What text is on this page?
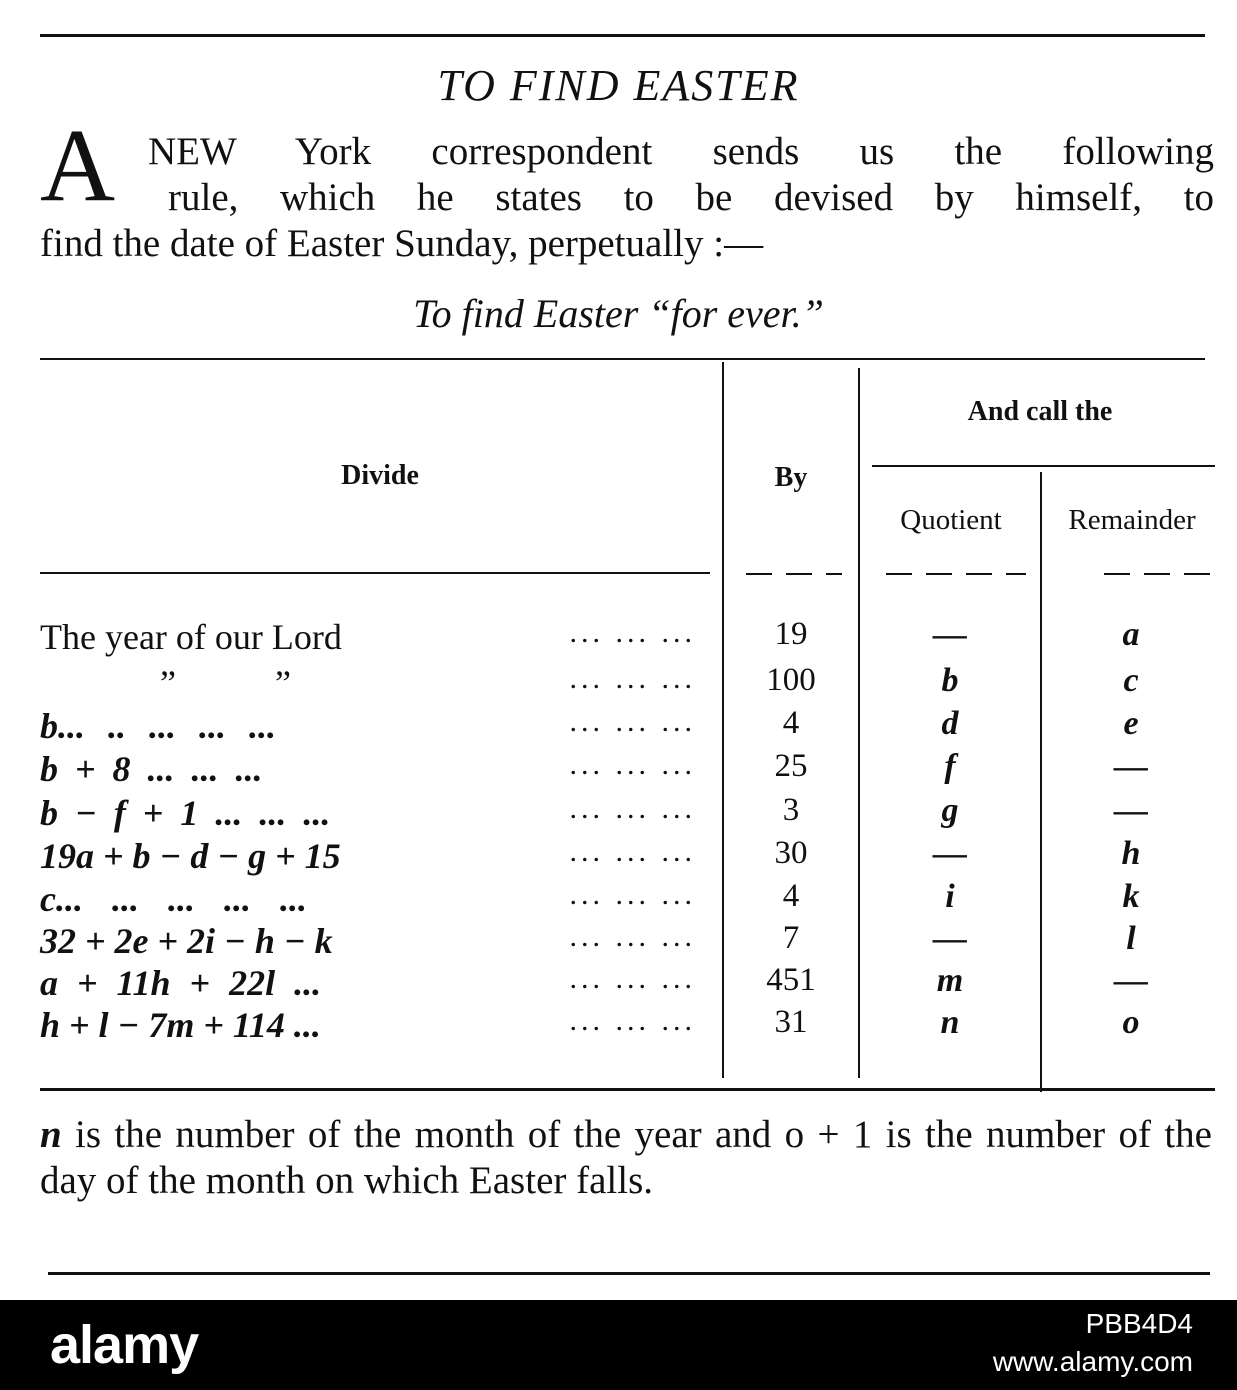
TO FIND EASTER
A NEW York correspondent sends us the following
rule, which he states to be devised by himself, to
find the date of Easter Sunday, perpetually :—
To find Easter “for ever.”
Divide	By
And call the
Quotient	Remainder
The year of our Lord	... ... ...	19	—	a
” ”	... ... ...	100	b	c
b... .. ... ... ...	... ... ...	4	d	e
b + 8 ... ... ...	... ... ...	25	f	—
b − f + 1 ... ... ...	... ... ...	3	g	—
19a + b − d − g + 15	... ... ...	30	—	h
c... ... ... ... ...	... ... ...	4	i	k
32 + 2e + 2i − h − k	... ... ...	7	—	l
a + 11h + 22l ...	... ... ...	451	m	—
h + l − 7m + 114 ...	... ... ...	31	n	o
n is the number of the month of the year and o + 1 is the number of the day of the month on which Easter falls.
alamy	PBB4D4
www.alamy.com
